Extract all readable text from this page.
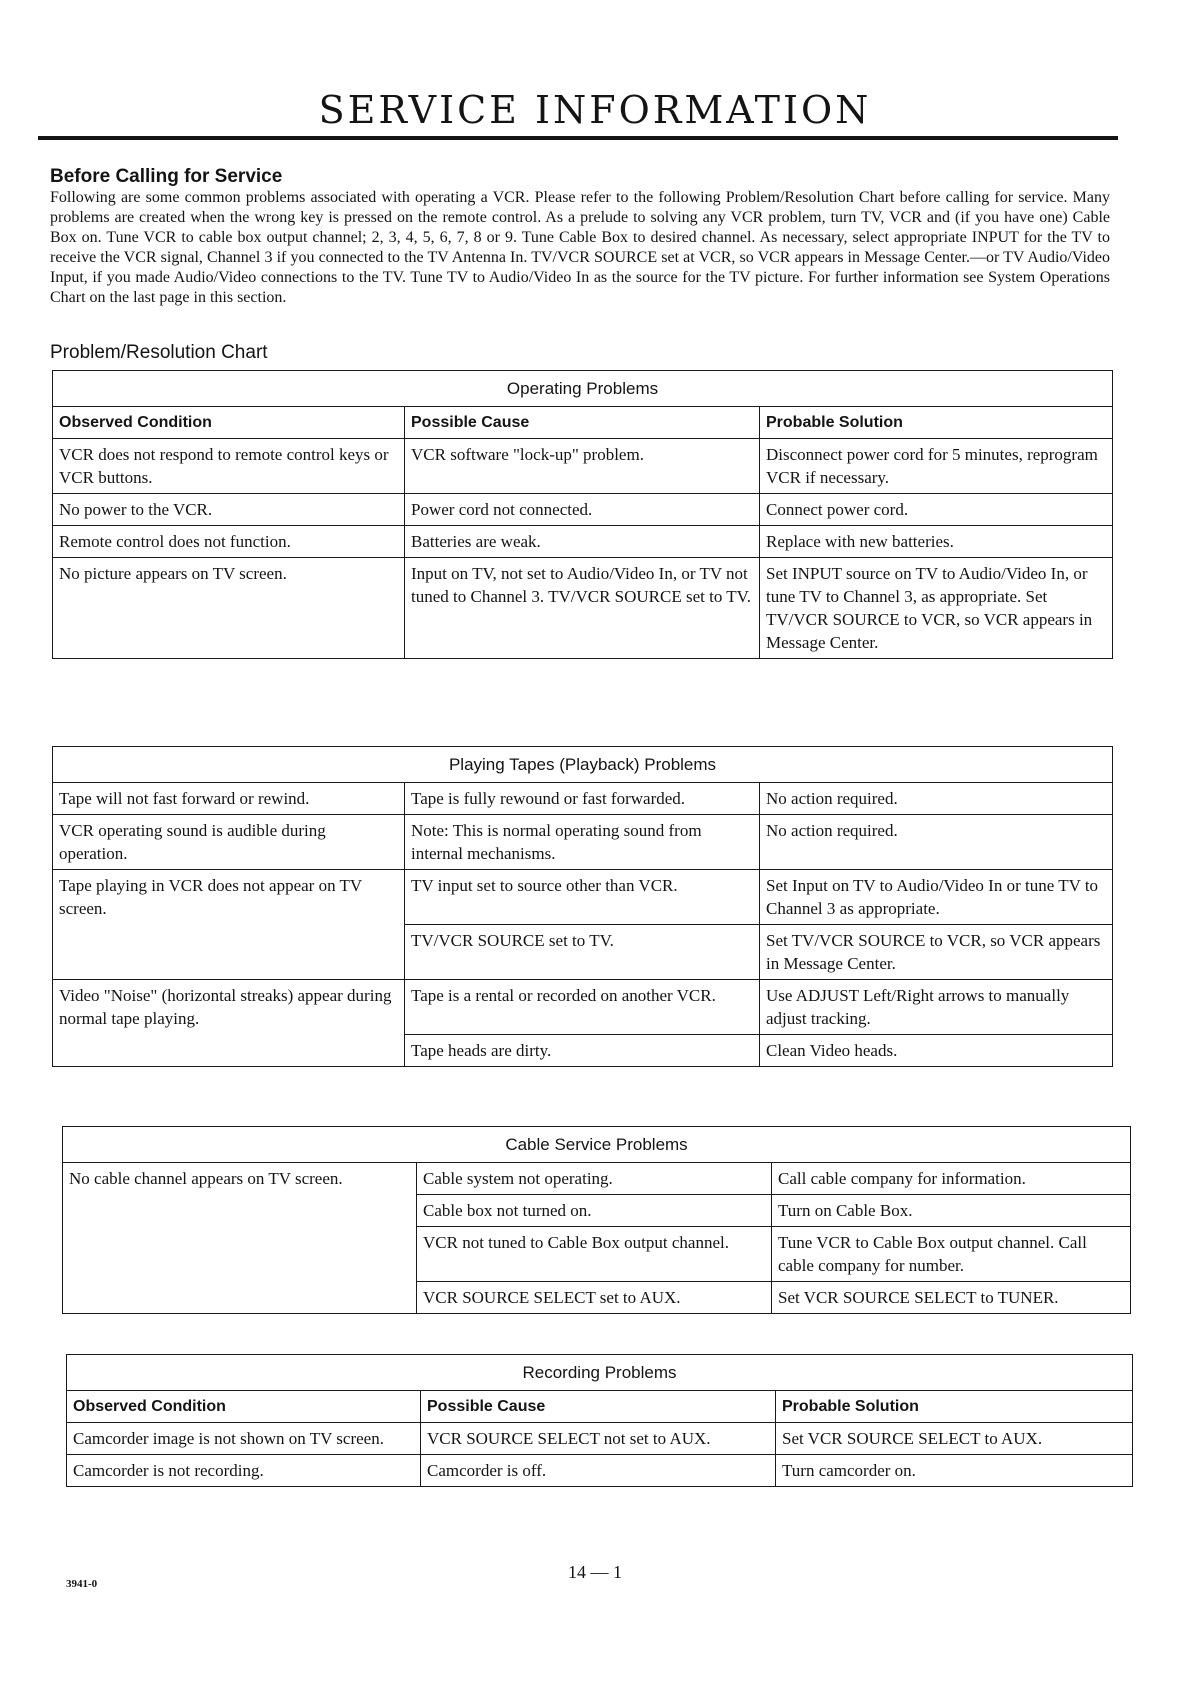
SERVICE INFORMATION
Before Calling for Service

Following are some common problems associated with operating a VCR. Please refer to the following Problem/Resolution Chart before calling for service. Many problems are created when the wrong key is pressed on the remote control. As a prelude to solving any VCR problem, turn TV, VCR and (if you have one) Cable Box on. Tune VCR to cable box output channel; 2, 3, 4, 5, 6, 7, 8 or 9. Tune Cable Box to desired channel. As necessary, select appropriate INPUT for the TV to receive the VCR signal, Channel 3 if you connected to the TV Antenna In. TV/VCR SOURCE set at VCR, so VCR appears in Message Center.—or TV Audio/Video Input, if you made Audio/Video connections to the TV. Tune TV to Audio/Video In as the source for the TV picture. For further information see System Operations Chart on the last page in this section.

Problem/Resolution Chart
Operating Problems		
Observed Condition	Possible Cause	Probable Solution
VCR does not respond to remote control keys or VCR buttons.	VCR software "lock-up" problem.	Disconnect power cord for 5 minutes, reprogram VCR if necessary.
No power to the VCR.	Power cord not connected.	Connect power cord.
Remote control does not function.	Batteries are weak.	Replace with new batteries.
No picture appears on TV screen.	Input on TV, not set to Audio/Video In, or TV not tuned to Channel 3. TV/VCR SOURCE set to TV.	Set INPUT source on TV to Audio/Video In, or tune TV to Channel 3, as appropriate. Set TV/VCR SOURCE to VCR, so VCR appears in Message Center.
Playing Tapes (Playback) Problems		
Tape will not fast forward or rewind.	Tape is fully rewound or fast forwarded.	No action required.
VCR operating sound is audible during operation.	Note: This is normal operating sound from internal mechanisms.	No action required.
Tape playing in VCR does not appear on TV screen.	TV input set to source other than VCR.	Set Input on TV to Audio/Video In or tune TV to Channel 3 as appropriate.
	TV/VCR SOURCE set to TV.	Set TV/VCR SOURCE to VCR, so VCR appears in Message Center.
Video "Noise" (horizontal streaks) appear during normal tape playing.	Tape is a rental or recorded on another VCR.	Use ADJUST Left/Right arrows to manually adjust tracking.
	Tape heads are dirty.	Clean Video heads.
Cable Service Problems		
No cable channel appears on TV screen.	Cable system not operating.	Call cable company for information.
	Cable box not turned on.	Turn on Cable Box.
	VCR not tuned to Cable Box output channel.	Tune VCR to Cable Box output channel. Call cable company for number.
	VCR SOURCE SELECT set to AUX.	Set VCR SOURCE SELECT to TUNER.
Recording Problems		
Observed Condition	Possible Cause	Probable Solution
Camcorder image is not shown on TV screen.	VCR SOURCE SELECT not set to AUX.	Set VCR SOURCE SELECT to AUX.
Camcorder is not recording.	Camcorder is off.	Turn camcorder on.

3941-0

14 — 1
